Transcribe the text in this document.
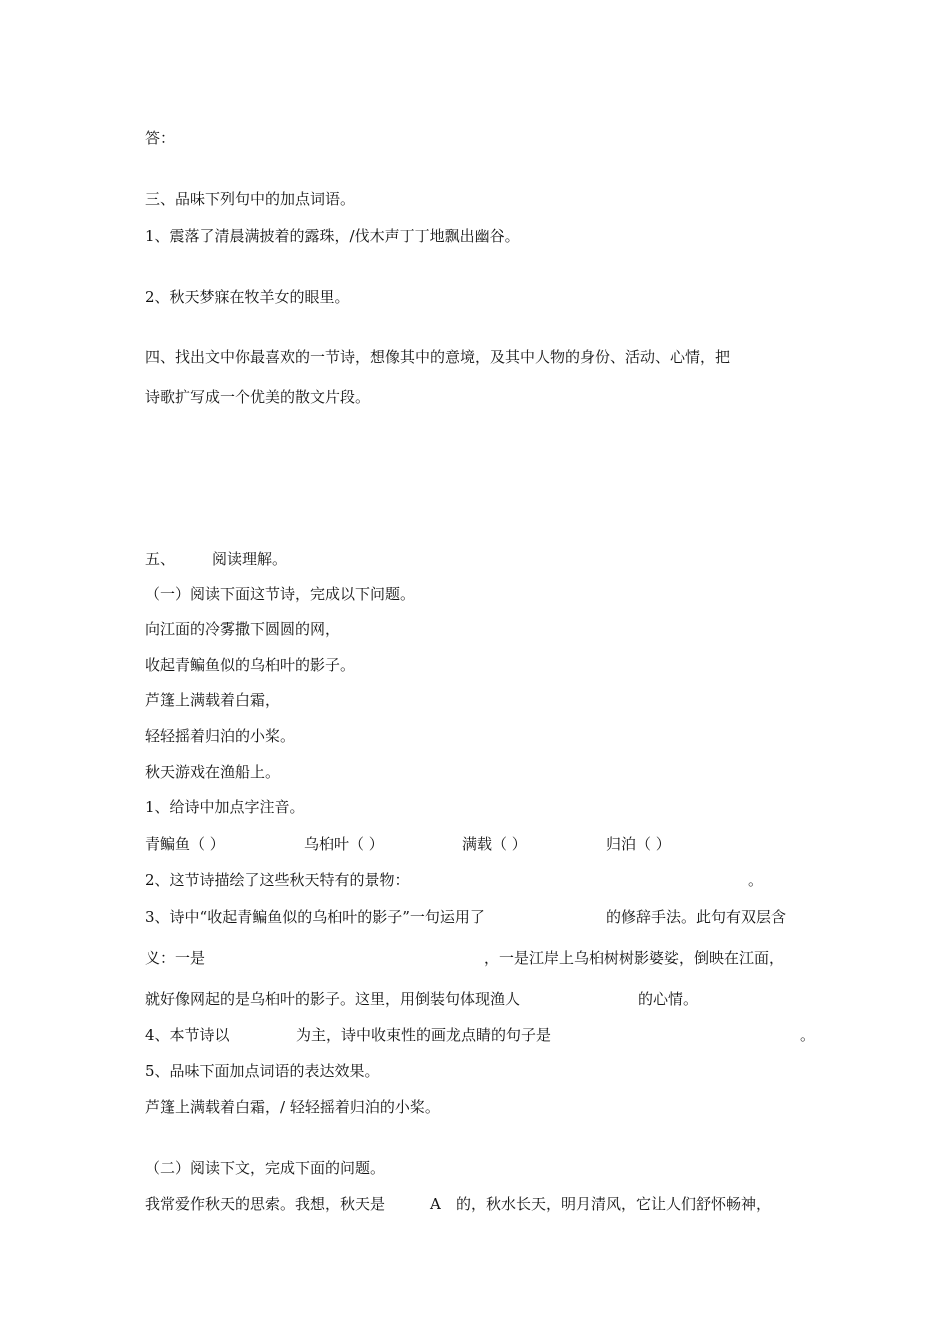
答：
三、品味下列句中的加点词语。
1、震落了清晨满披着的露珠，/伐木声丁丁地飘出幽谷。
2、秋天梦寐在牧羊女的眼里。
四、找出文中你最喜欢的一节诗，想像其中的意境，及其中人物的身份、活动、心情，把
诗歌扩写成一个优美的散文片段。
五、 阅读理解。
（一）阅读下面这节诗，完成以下问题。
向江面的冷雾撒下圆圆的网，
收起青鳊鱼似的乌桕叶的影子。
芦篷上满载着白霜，
轻轻摇着归泊的小桨。
秋天游戏在渔船上。
1、给诗中加点字注音。
青鳊鱼（ ）	乌桕叶（ ）	满载（ ）	归泊（ ）
2、这节诗描绘了这些秋天特有的景物：	。
3、诗中“收起青鳊鱼似的乌桕叶的影子”一句运用了	的修辞手法。此句有双层含
义：一是	，一是江岸上乌桕树树影婆娑，倒映在江面，
就好像网起的是乌桕叶的影子。这里，用倒装句体现渔人	的心情。
4、本节诗以	为主，诗中收束性的画龙点睛的句子是	。
5、品味下面加点词语的表达效果。
芦篷上满载着白霜，/ 轻轻摇着归泊的小桨。
（二）阅读下文，完成下面的问题。
我常爱作秋天的思索。我想，秋天是	A 的，秋水长天，明月清风，它让人们舒怀畅神，
